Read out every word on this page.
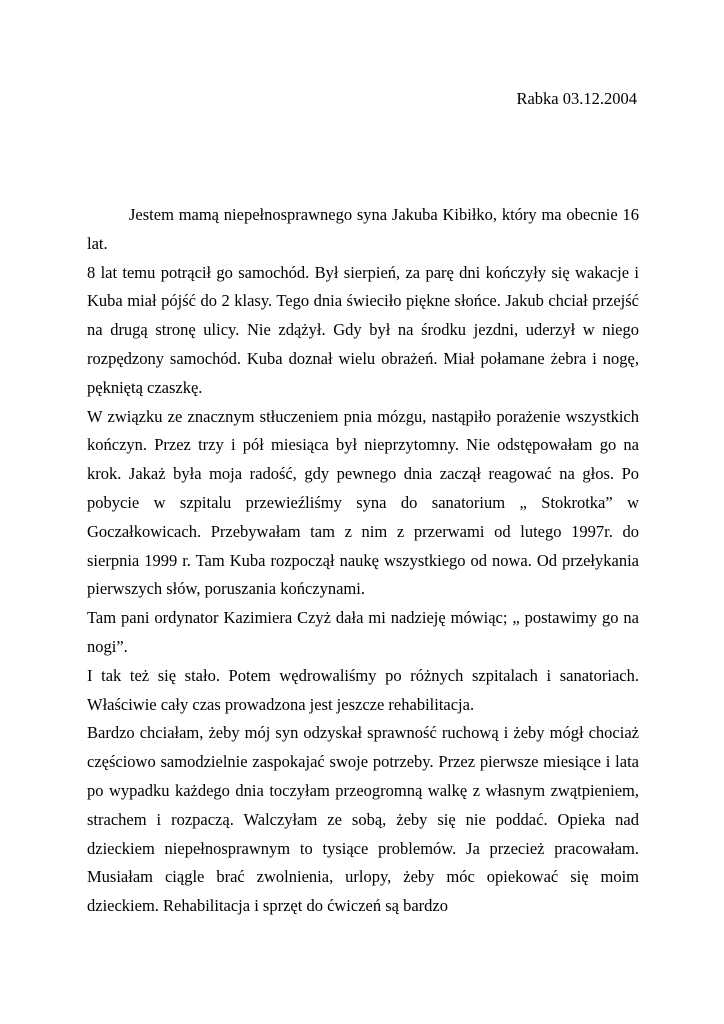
Rabka 03.12.2004

Jestem mamą niepełnosprawnego syna Jakuba Kibiłko, który ma obecnie 16 lat.

8 lat temu potrącił go samochód. Był sierpień, za parę dni kończyły się wakacje i Kuba miał pójść do 2 klasy. Tego dnia świeciło piękne słońce. Jakub chciał przejść na drugą stronę ulicy. Nie zdążył. Gdy był na środku jezdni, uderzył w niego rozpędzony samochód. Kuba doznał wielu obrażeń. Miał połamane żebra i nogę, pękniętą czaszkę.

W związku ze znacznym stłuczeniem pnia mózgu, nastąpiło porażenie wszystkich kończyn. Przez trzy i pół miesiąca był nieprzytomny. Nie odstępowałam go na krok. Jakaż była moja radość, gdy pewnego dnia zaczął reagować na głos. Po pobycie w szpitalu przewieźliśmy syna do sanatorium „ Stokrotka” w Goczałkowicach. Przebywałam tam z nim z przerwami od lutego 1997r. do sierpnia 1999 r. Tam Kuba rozpoczął naukę wszystkiego od nowa. Od przełykania pierwszych słów, poruszania kończynami.

Tam pani ordynator Kazimiera Czyż dała mi nadzieję mówiąc; „ postawimy go na nogi”.

I tak też się stało. Potem wędrowaliśmy po różnych szpitalach i sanatoriach. Właściwie cały czas prowadzona jest jeszcze rehabilitacja.

Bardzo chciałam, żeby mój syn odzyskał sprawność ruchową i żeby mógł chociaż częściowo samodzielnie zaspokajać swoje potrzeby. Przez pierwsze miesiące i lata po wypadku każdego dnia toczyłam przeogromną walkę z własnym zwątpieniem, strachem i rozpaczą. Walczyłam ze sobą, żeby się nie poddać. Opieka nad dzieckiem niepełnosprawnym to tysiące problemów. Ja przecież pracowałam. Musiałam ciągle brać zwolnienia, urlopy, żeby móc opiekować się moim dzieckiem. Rehabilitacja i sprzęt do ćwiczeń są bardzo
